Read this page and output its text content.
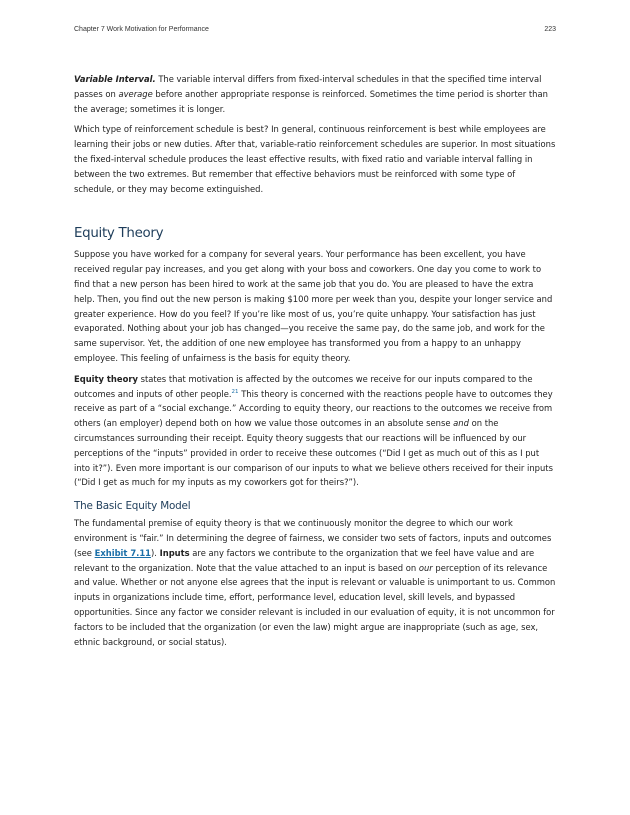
Chapter 7 Work Motivation for Performance	223

Variable Interval. The variable interval differs from fixed-interval schedules in that the specified time interval passes on average before another appropriate response is reinforced. Sometimes the time period is shorter than the average; sometimes it is longer.

Which type of reinforcement schedule is best? In general, continuous reinforcement is best while employees are learning their jobs or new duties. After that, variable-ratio reinforcement schedules are superior. In most situations the fixed-interval schedule produces the least effective results, with fixed ratio and variable interval falling in between the two extremes. But remember that effective behaviors must be reinforced with some type of schedule, or they may become extinguished.

Equity Theory

Suppose you have worked for a company for several years. Your performance has been excellent, you have received regular pay increases, and you get along with your boss and coworkers. One day you come to work to find that a new person has been hired to work at the same job that you do. You are pleased to have the extra help. Then, you find out the new person is making $100 more per week than you, despite your longer service and greater experience. How do you feel? If you’re like most of us, you’re quite unhappy. Your satisfaction has just evaporated. Nothing about your job has changed—you receive the same pay, do the same job, and work for the same supervisor. Yet, the addition of one new employee has transformed you from a happy to an unhappy employee. This feeling of unfairness is the basis for equity theory.

Equity theory states that motivation is affected by the outcomes we receive for our inputs compared to the outcomes and inputs of other people.$^{21}$ This theory is concerned with the reactions people have to outcomes they receive as part of a “social exchange.” According to equity theory, our reactions to the outcomes we receive from others (an employer) depend both on how we value those outcomes in an absolute sense and on the circumstances surrounding their receipt. Equity theory suggests that our reactions will be influenced by our perceptions of the “inputs” provided in order to receive these outcomes (“Did I get as much out of this as I put into it?”). Even more important is our comparison of our inputs to what we believe others received for their inputs (“Did I get as much for my inputs as my coworkers got for theirs?”).

The Basic Equity Model

The fundamental premise of equity theory is that we continuously monitor the degree to which our work environment is “fair.” In determining the degree of fairness, we consider two sets of factors, inputs and outcomes (see Exhibit 7.11). Inputs are any factors we contribute to the organization that we feel have value and are relevant to the organization. Note that the value attached to an input is based on our perception of its relevance and value. Whether or not anyone else agrees that the input is relevant or valuable is unimportant to us. Common inputs in organizations include time, effort, performance level, education level, skill levels, and bypassed opportunities. Since any factor we consider relevant is included in our evaluation of equity, it is not uncommon for factors to be included that the organization (or even the law) might argue are inappropriate (such as age, sex, ethnic background, or social status).
